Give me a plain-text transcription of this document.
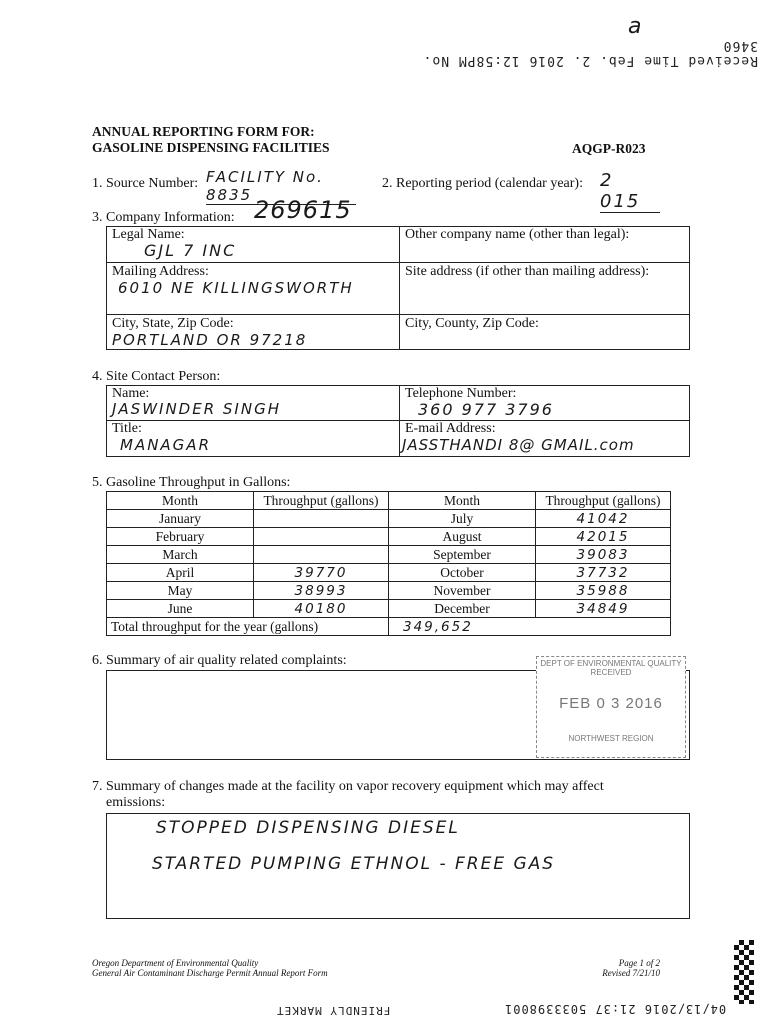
Received Time Feb. 2. 2016 12:58PM No. 3460
a
ANNUAL REPORTING FORM FOR:
GASOLINE DISPENSING FACILITIES	AQGP-R023
1. Source Number: FACILITY No. 8835
2. Reporting period (calendar year): 2 015
3. Company Information: 269615
Legal Name:
GJL 7 INC
Other company name (other than legal):
Mailing Address:
6010 NE KILLINGSWORTH
Site address (if other than mailing address):
City, State, Zip Code:
PORTLAND OR 97218
City, County, Zip Code:
4. Site Contact Person:
Name:
JASWINDER SINGH
Telephone Number:
360 977 3796
Title:
MANAGAR
E-mail Address:
JASSTHANDI 8@ GMAIL.com
5. Gasoline Throughput in Gallons:
Month	Throughput (gallons)	Month	Throughput (gallons)
January		July	41042
February		August	42015
March		September	39083
April	39770	October	37732
May	38993	November	35988
June	40180	December	34849
Total throughput for the year (gallons)		349,652	
6. Summary of air quality related complaints:	DEPT OF ENVIRONMENTAL QUALITY
RECEIVED
FEB 0 3 2016
NORTHWEST REGION
7. Summary of changes made at the facility on vapor recovery equipment which may affect
emissions:
STOPPED DISPENSING DIESEL
STARTED PUMPING ETHNOL - FREE GAS
Oregon Department of Environmental Quality
General Air Contaminant Discharge Permit Annual Report Form
Page 1 of 2
Revised 7/21/10
FRIENDLY MARKET	04/13/2016 21:37 5033398001
